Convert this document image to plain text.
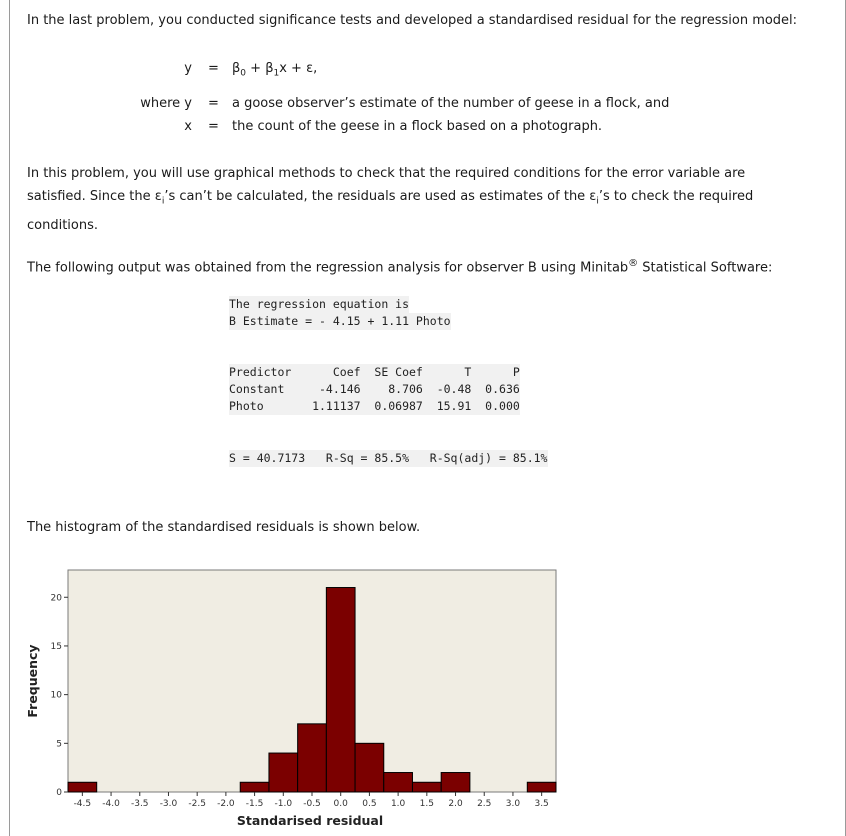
In the last problem, you conducted significance tests and developed a standardised residual for the regression model:

$y = \beta_0 + \beta_1x + \varepsilon$,
where y = a goose observer’s estimate of the number of geese in a flock, and
x = the count of the geese in a flock based on a photograph.

In this problem, you will use graphical methods to check that the required conditions for the error variable are satisfied. Since the $\varepsilon_i’s$ can’t be calculated, the residuals are used as estimates of the $\varepsilon_i’s$ to check the required conditions.

The following output was obtained from the regression analysis for observer B using Minitab® Statistical Software:

The regression equation is
B Estimate = - 4.15 + 1.11 Photo
Predictor      Coef  SE Coef      T      P
Constant     -4.146    8.706  -0.48  0.636
Photo       1.11137  0.06987  15.91  0.000
S = 40.7173   R-Sq = 85.5%   R-Sq(adj) = 85.1%

The histogram of the standardised residuals is shown below.

0
5
10
15
20
-4.5 -4.0 -3.5 -3.0 -2.5 -2.0 -1.5 -1.0 -0.5 0.0 0.5 1.0 1.5 2.0 2.5 3.0 3.5
Standarised residual
Frequency
